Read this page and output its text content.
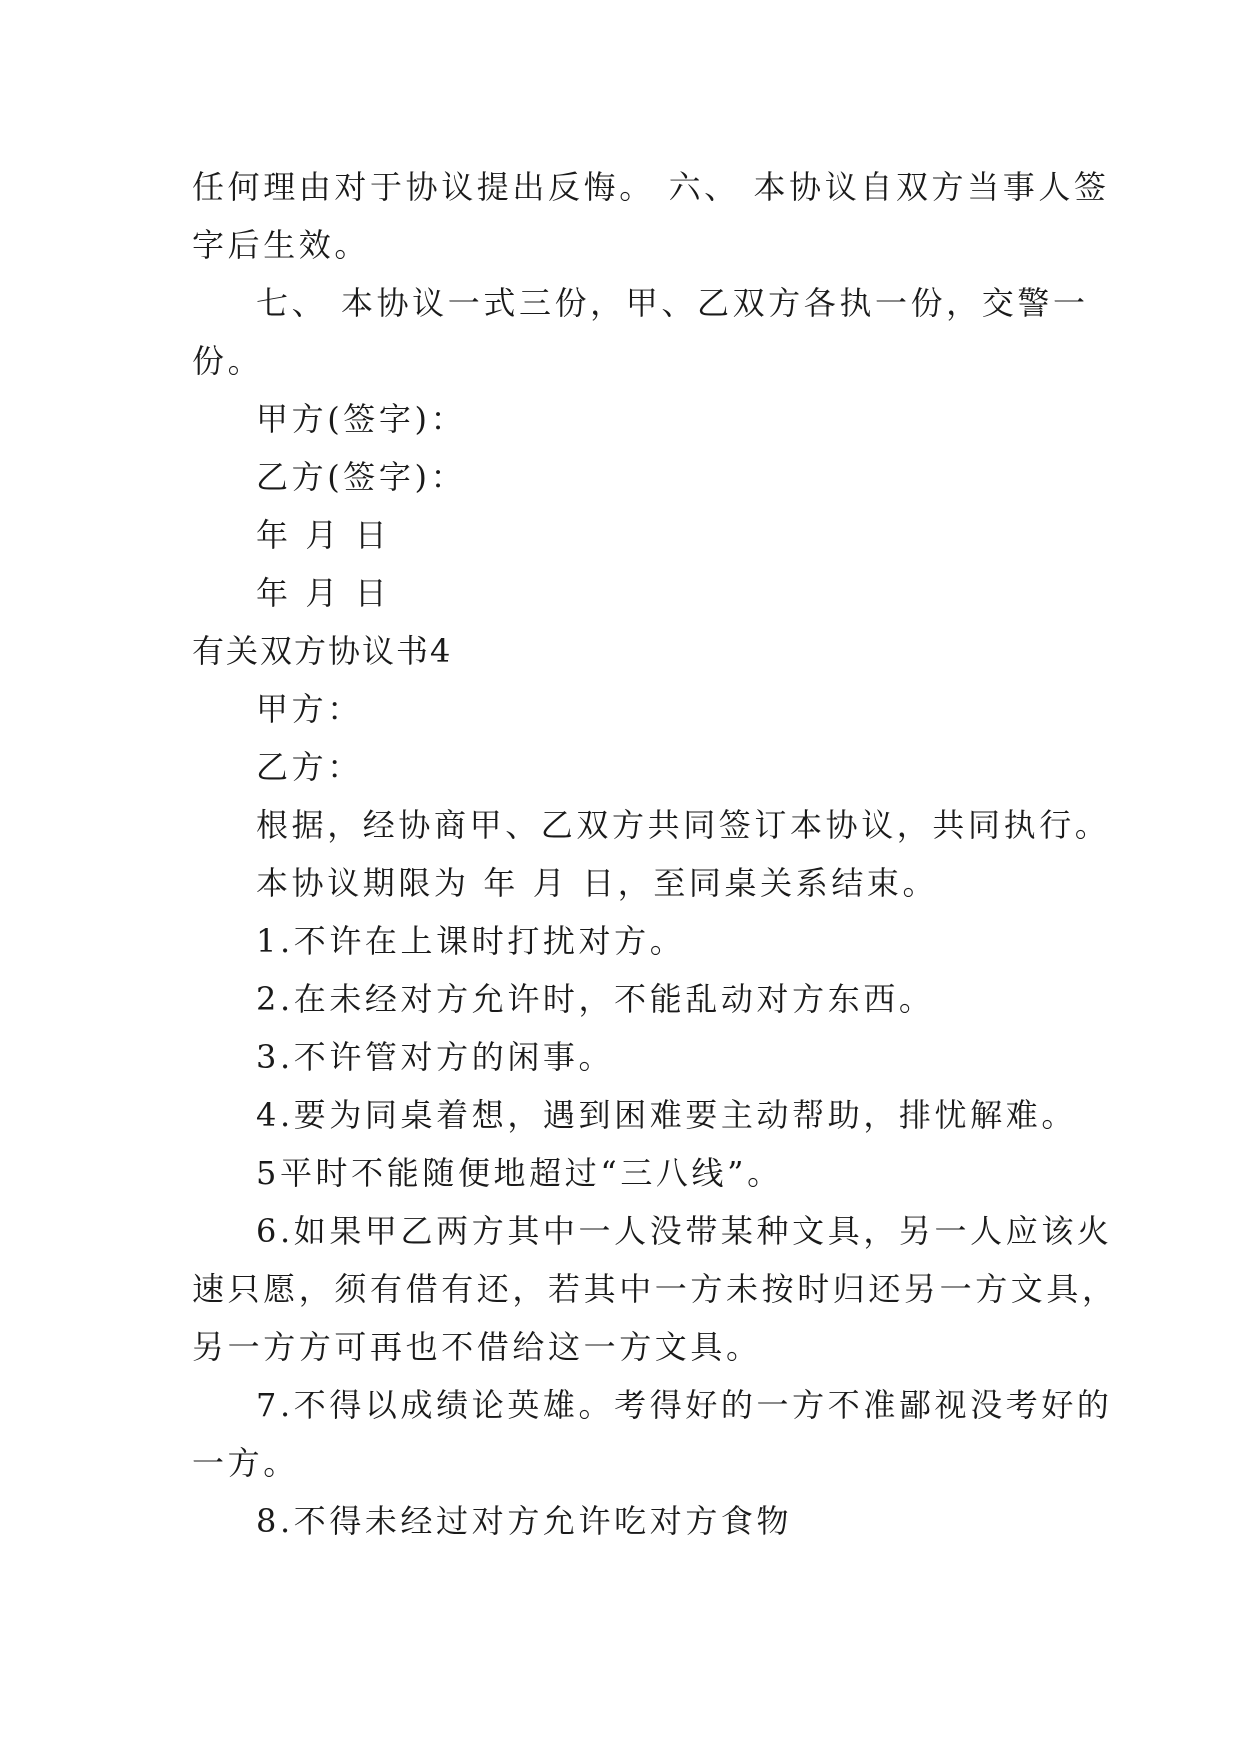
任何理由对于协议提出反悔。 六、 本协议自双方当事人签
字后生效。
七、 本协议一式三份，甲、乙双方各执一份，交警一
份。
甲方(签字)：
乙方(签字)：
年 月 日
年 月 日
有关双方协议书4
甲方：
乙方：
根据，经协商甲、乙双方共同签订本协议，共同执行。
本协议期限为 年 月 日，至同桌关系结束。
1.不许在上课时打扰对方。
2.在未经对方允许时，不能乱动对方东西。
3.不许管对方的闲事。
4.要为同桌着想，遇到困难要主动帮助，排忧解难。
5平时不能随便地超过“三八线”。
6.如果甲乙两方其中一人没带某种文具，另一人应该火
速只愿，须有借有还，若其中一方未按时归还另一方文具，
另一方方可再也不借给这一方文具。
7.不得以成绩论英雄。考得好的一方不准鄙视没考好的
一方。
8.不得未经过对方允许吃对方食物
